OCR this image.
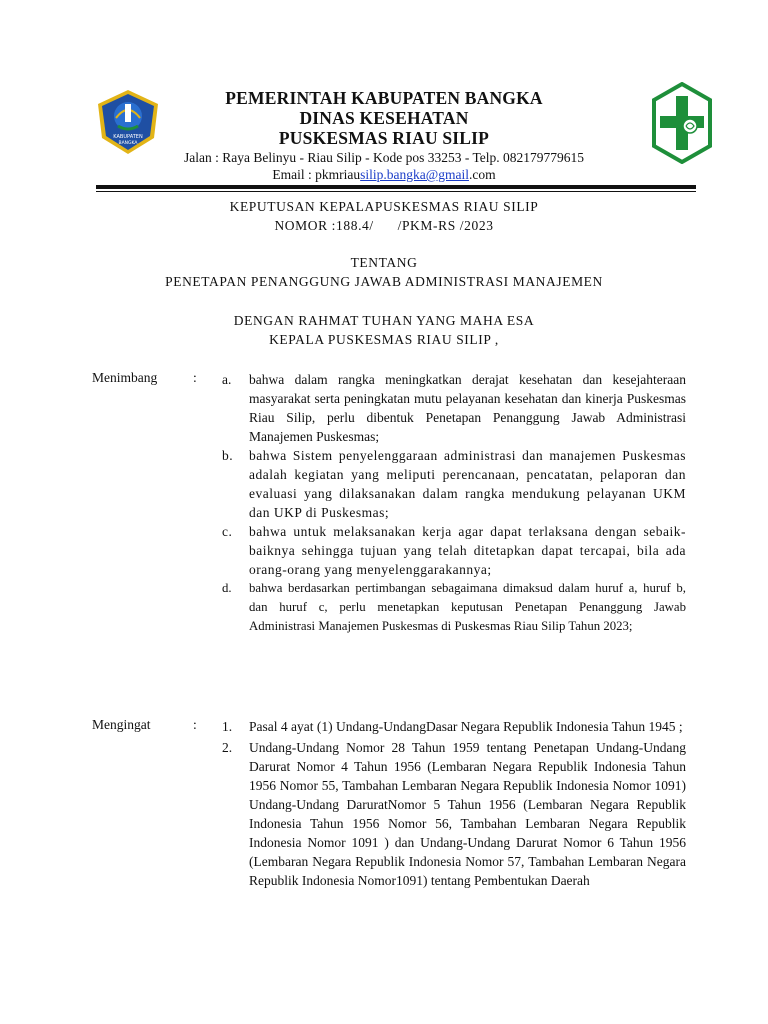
KABUPATEN
BANGKA
PEMERINTAH KABUPATEN BANGKA
DINAS KESEHATAN
PUSKESMAS RIAU SILIP
Jalan : Raya Belinyu - Riau Silip - Kode pos 33253 - Telp. 082179779615
Email : pkmriausilip.bangka@gmail.com
KEPUTUSAN KEPALAPUSKESMAS RIAU SILIP
NOMOR :188.4/      /PKM-RS /2023
TENTANG
PENETAPAN PENANGGUNG JAWAB ADMINISTRASI MANAJEMEN
DENGAN RAHMAT TUHAN YANG MAHA ESA
KEPALA PUSKESMAS RIAU SILIP ,
Menimbang	: a. bahwa dalam rangka meningkatkan derajat kesehatan dan kesejahteraan masyarakat serta peningkatan mutu pelayanan kesehatan dan kinerja Puskesmas Riau Silip, perlu dibentuk Penetapan Penanggung Jawab Administrasi Manajemen Puskesmas;
b. bahwa Sistem penyelenggaraan administrasi dan manajemen Puskesmas adalah kegiatan yang meliputi perencanaan, pencatatan, pelaporan dan evaluasi yang dilaksanakan dalam rangka mendukung pelayanan UKM dan UKP di Puskesmas;
c. bahwa untuk melaksanakan kerja agar dapat terlaksana dengan sebaik-baiknya sehingga tujuan yang telah ditetapkan dapat tercapai, bila ada orang-orang yang menyelenggarakannya;
d. bahwa berdasarkan pertimbangan sebagaimana dimaksud dalam huruf a, huruf b, dan huruf c, perlu menetapkan keputusan Penetapan Penanggung Jawab Administrasi Manajemen Puskesmas di Puskesmas Riau Silip Tahun 2023;
Mengingat	: 1. Pasal 4 ayat (1) Undang-UndangDasar Negara Republik Indonesia Tahun 1945 ;
2. Undang-Undang Nomor 28 Tahun 1959 tentang Penetapan Undang-Undang Darurat Nomor 4 Tahun 1956 (Lembaran Negara Republik Indonesia Tahun 1956 Nomor 55, Tambahan Lembaran Negara Republik Indonesia Nomor 1091) Undang-Undang DaruratNomor 5 Tahun 1956 (Lembaran Negara Republik Indonesia Tahun 1956 Nomor 56, Tambahan Lembaran Negara Republik Indonesia Nomor 1091 ) dan Undang-Undang Darurat Nomor 6 Tahun 1956 (Lembaran Negara Republik Indonesia Nomor 57, Tambahan Lembaran Negara Republik Indonesia Nomor1091) tentang Pembentukan Daerah
